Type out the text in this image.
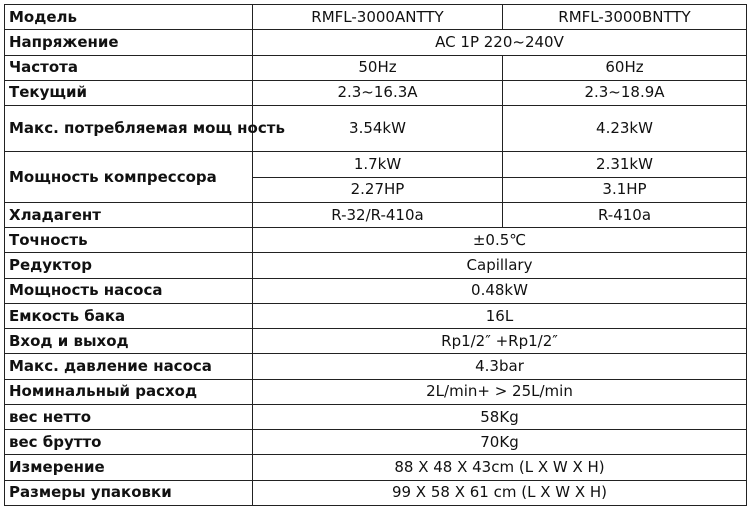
Модель	RMFL-3000ANTTY	RMFL-3000BNTTY
Напряжение	AC 1P 220~240V	
Частота	50Hz	60Hz
Текущий	2.3~16.3A	2.3~18.9A
Макс. потребляемая мощ ность	3.54kW	4.23kW
Мощность компрессора	1.7kW	2.31kW
	2.27HP	3.1HP
Хладагент	R-32/R-410a	R-410a
Точность	±0.5℃	
Редуктор	Capillary	
Мощность насоса	0.48kW	
Емкость бака	16L	
Вход и выход	Rp1/2″ +Rp1/2″	
Макс. давление насоса	4.3bar	
Номинальный расход	2L/min+ > 25L/min	
вес нетто	58Kg	
вес брутто	70Kg	
Измерение	88 X 48 X 43cm (L X W X H)	
Размеры упаковки	99 X 58 X 61 cm (L X W X H)	
